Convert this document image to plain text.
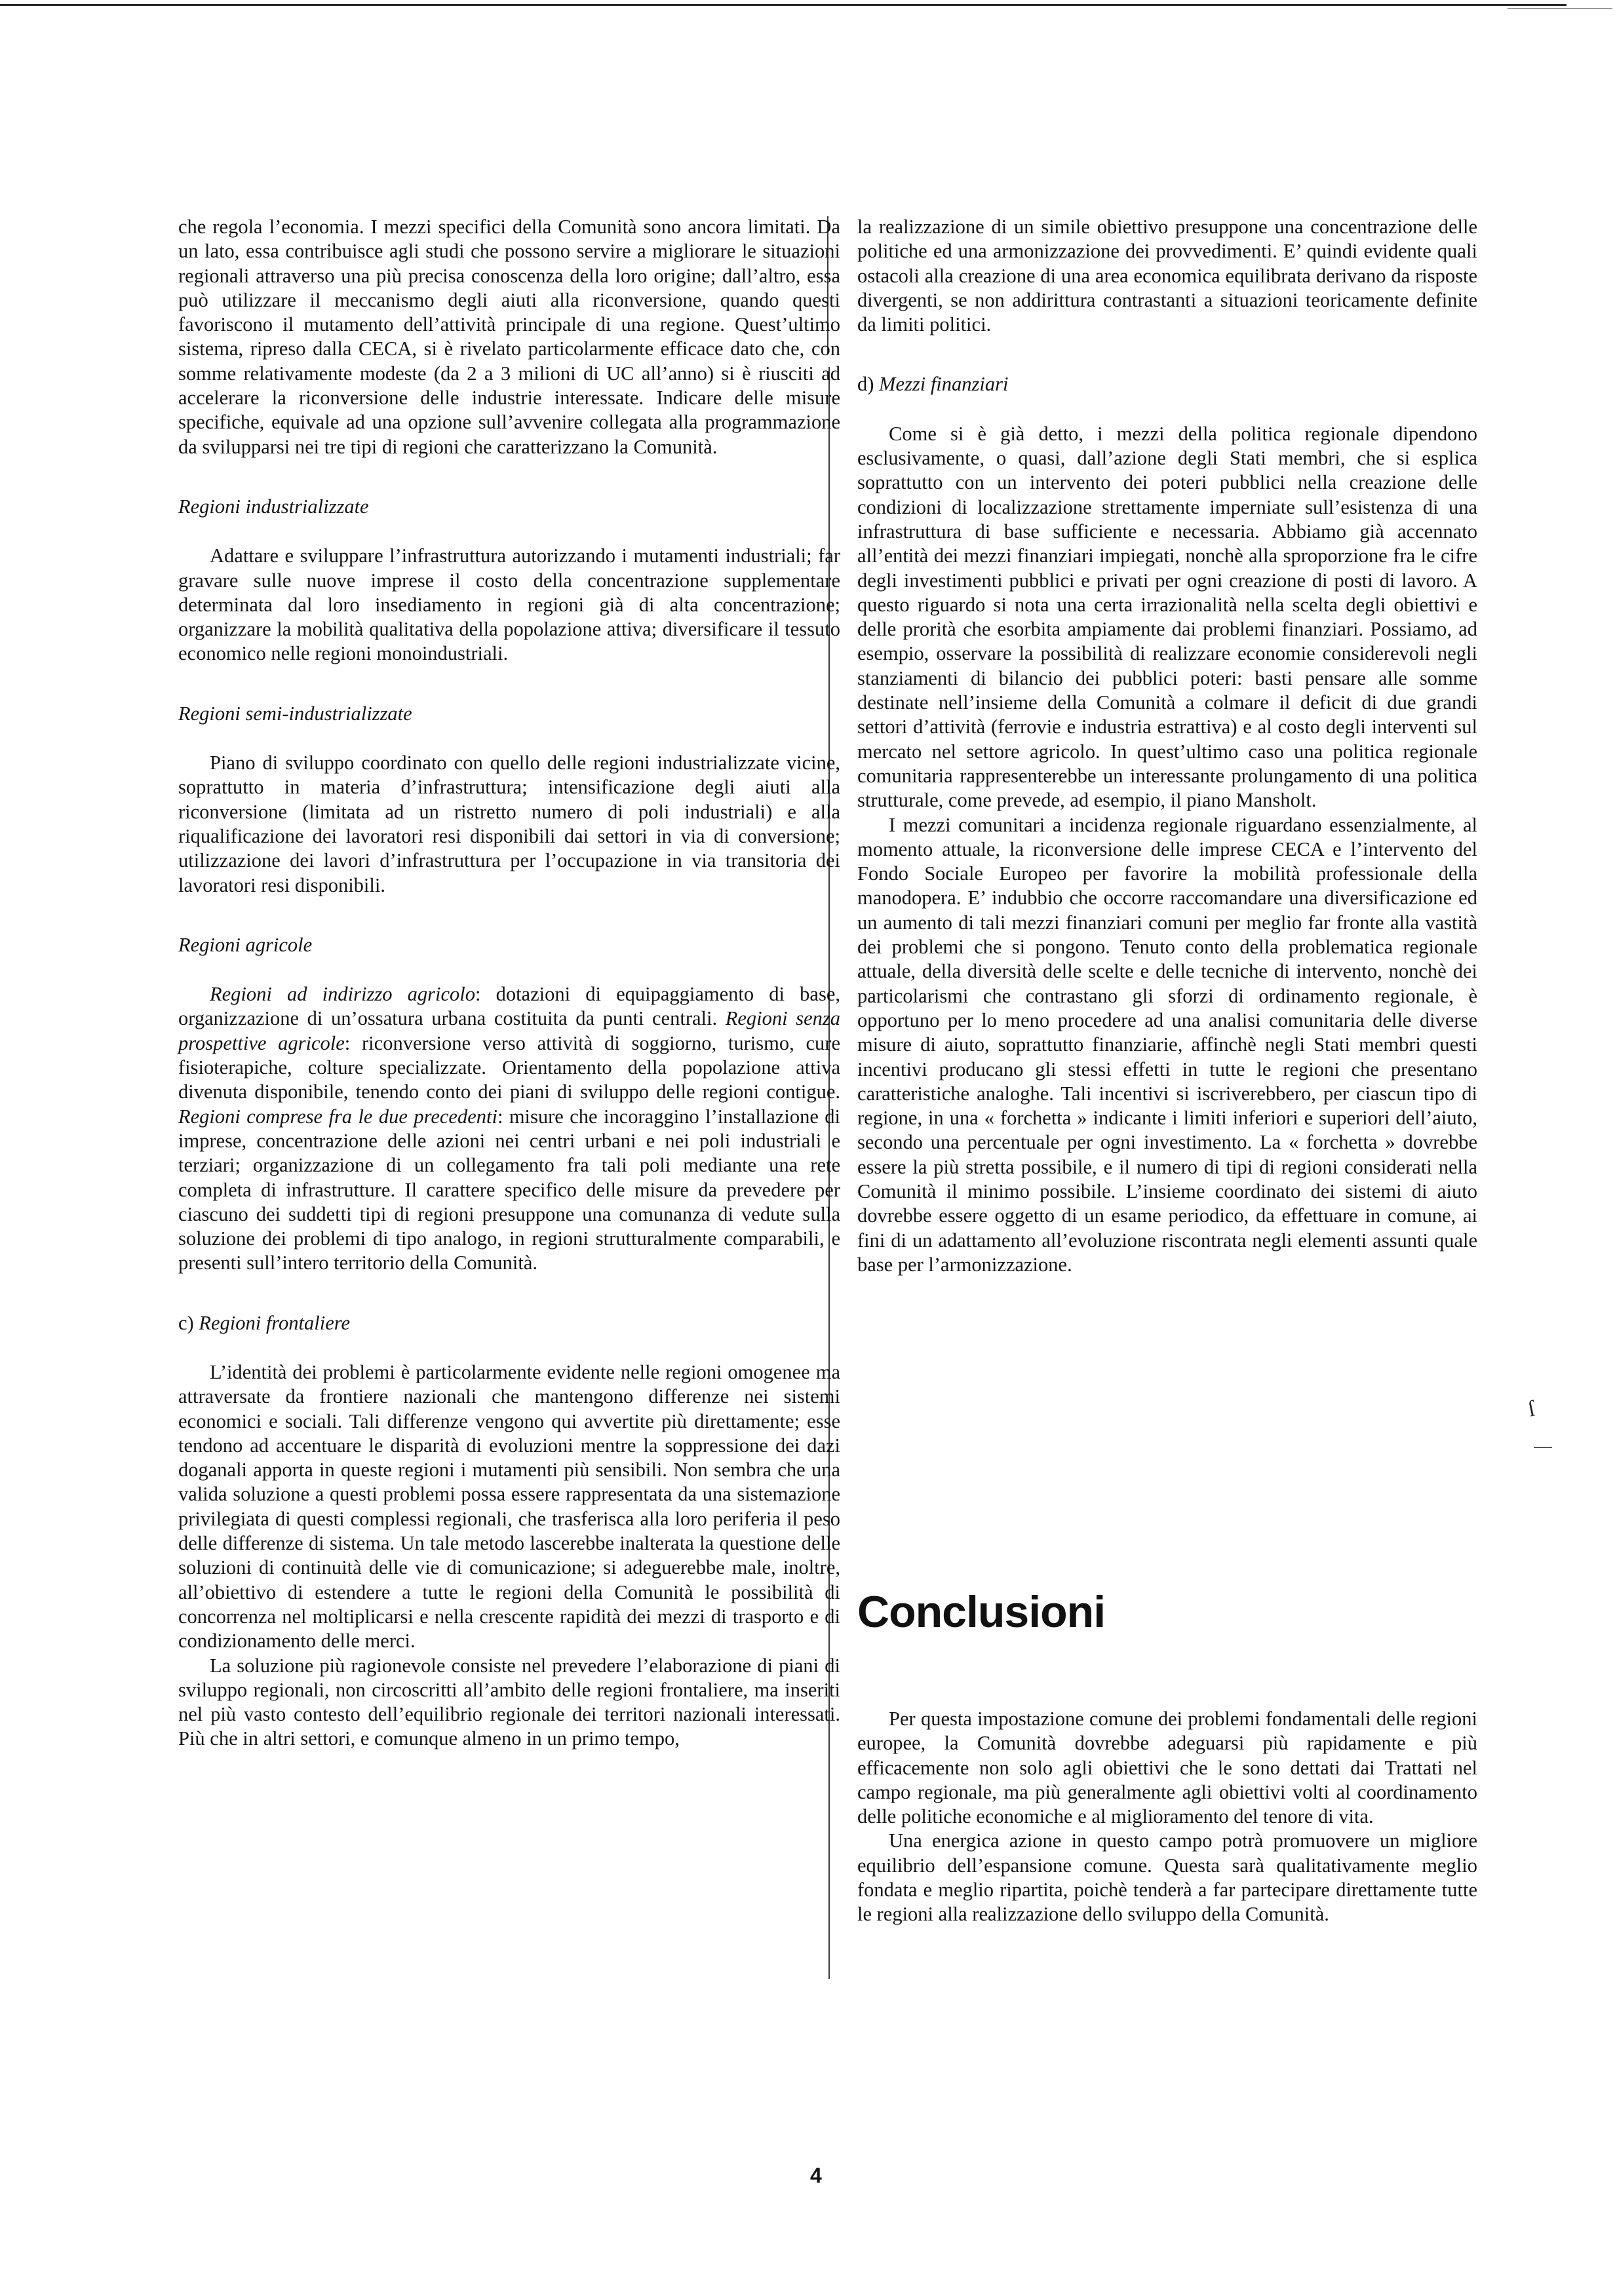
che regola l’economia. I mezzi specifici della Comunità sono ancora limitati. Da un lato, essa contribuisce agli studi che possono servire a migliorare le situazioni regionali attraverso una più precisa conoscenza della loro origine; dall’altro, essa può utilizzare il meccanismo degli aiuti alla riconversione, quando questi favoriscono il mutamento dell’attività principale di una regione. Quest’ultimo sistema, ripreso dalla CECA, si è rivelato particolarmente efficace dato che, con somme relativamente modeste (da 2 a 3 milioni di UC all’anno) si è riusciti ad accelerare la riconversione delle industrie interessate. Indicare delle misure specifiche, equivale ad una opzione sull’avvenire collegata alla programmazione da svilupparsi nei tre tipi di regioni che caratterizzano la Comunità.

Regioni industrializzate

Adattare e sviluppare l’infrastruttura autorizzando i mutamenti industriali; far gravare sulle nuove imprese il costo della concentrazione supplementare determinata dal loro insediamento in regioni già di alta concentrazione; organizzare la mobilità qualitativa della popolazione attiva; diversificare il tessuto economico nelle regioni monoindustriali.

Regioni semi-industrializzate

Piano di sviluppo coordinato con quello delle regioni industrializzate vicine, soprattutto in materia d’infrastruttura; intensificazione degli aiuti alla riconversione (limitata ad un ristretto numero di poli industriali) e alla riqualificazione dei lavoratori resi disponibili dai settori in via di conversione; utilizzazione dei lavori d’infrastruttura per l’occupazione in via transitoria dei lavoratori resi disponibili.

Regioni agricole

Regioni ad indirizzo agricolo: dotazioni di equipaggiamento di base, organizzazione di un’ossatura urbana costituita da punti centrali. Regioni senza prospettive agricole: riconversione verso attività di soggiorno, turismo, cure fisioterapiche, colture specializzate. Orientamento della popolazione attiva divenuta disponibile, tenendo conto dei piani di sviluppo delle regioni contigue. Regioni comprese fra le due precedenti: misure che incoraggino l’installazione di imprese, concentrazione delle azioni nei centri urbani e nei poli industriali e terziari; organizzazione di un collegamento fra tali poli mediante una rete completa di infrastrutture. Il carattere specifico delle misure da prevedere per ciascuno dei suddetti tipi di regioni presuppone una comunanza di vedute sulla soluzione dei problemi di tipo analogo, in regioni strutturalmente comparabili, e presenti sull’intero territorio della Comunità.

c) Regioni frontaliere

L’identità dei problemi è particolarmente evidente nelle regioni omogenee ma attraversate da frontiere nazionali che mantengono differenze nei sistemi economici e sociali. Tali differenze vengono qui avvertite più direttamente; esse tendono ad accentuare le disparità di evoluzioni mentre la soppressione dei dazi doganali apporta in queste regioni i mutamenti più sensibili. Non sembra che una valida soluzione a questi problemi possa essere rappresentata da una sistemazione privilegiata di questi complessi regionali, che trasferisca alla loro periferia il peso delle differenze di sistema. Un tale metodo lascerebbe inalterata la questione delle soluzioni di continuità delle vie di comunicazione; si adeguerebbe male, inoltre, all’obiettivo di estendere a tutte le regioni della Comunità le possibilità di concorrenza nel moltiplicarsi e nella crescente rapidità dei mezzi di trasporto e di condizionamento delle merci.

La soluzione più ragionevole consiste nel prevedere l’elaborazione di piani di sviluppo regionali, non circoscritti all’ambito delle regioni frontaliere, ma inseriti nel più vasto contesto dell’equilibrio regionale dei territori nazionali interessati. Più che in altri settori, e comunque almeno in un primo tempo,

la realizzazione di un simile obiettivo presuppone una concentrazione delle politiche ed una armonizzazione dei provvedimenti. E’ quindi evidente quali ostacoli alla creazione di una area economica equilibrata derivano da risposte divergenti, se non addirittura contrastanti a situazioni teoricamente definite da limiti politici.

d) Mezzi finanziari

Come si è già detto, i mezzi della politica regionale dipendono esclusivamente, o quasi, dall’azione degli Stati membri, che si esplica soprattutto con un intervento dei poteri pubblici nella creazione delle condizioni di localizzazione strettamente imperniate sull’esistenza di una infrastruttura di base sufficiente e necessaria. Abbiamo già accennato all’entità dei mezzi finanziari impiegati, nonchè alla sproporzione fra le cifre degli investimenti pubblici e privati per ogni creazione di posti di lavoro. A questo riguardo si nota una certa irrazionalità nella scelta degli obiettivi e delle prorità che esorbita ampiamente dai problemi finanziari. Possiamo, ad esempio, osservare la possibilità di realizzare economie considerevoli negli stanziamenti di bilancio dei pubblici poteri: basti pensare alle somme destinate nell’insieme della Comunità a colmare il deficit di due grandi settori d’attività (ferrovie e industria estrattiva) e al costo degli interventi sul mercato nel settore agricolo. In quest’ultimo caso una politica regionale comunitaria rappresenterebbe un interessante prolungamento di una politica strutturale, come prevede, ad esempio, il piano Mansholt.

I mezzi comunitari a incidenza regionale riguardano essenzialmente, al momento attuale, la riconversione delle imprese CECA e l’intervento del Fondo Sociale Europeo per favorire la mobilità professionale della manodopera. E’ indubbio che occorre raccomandare una diversificazione ed un aumento di tali mezzi finanziari comuni per meglio far fronte alla vastità dei problemi che si pongono. Tenuto conto della problematica regionale attuale, della diversità delle scelte e delle tecniche di intervento, nonchè dei particolarismi che contrastano gli sforzi di ordinamento regionale, è opportuno per lo meno procedere ad una analisi comunitaria delle diverse misure di aiuto, soprattutto finanziarie, affinchè negli Stati membri questi incentivi producano gli stessi effetti in tutte le regioni che presentano caratteristiche analoghe. Tali incentivi si iscriverebbero, per ciascun tipo di regione, in una « forchetta » indicante i limiti inferiori e superiori dell’aiuto, secondo una percentuale per ogni investimento. La « forchetta » dovrebbe essere la più stretta possibile, e il numero di tipi di regioni considerati nella Comunità il minimo possibile. L’insieme coordinato dei sistemi di aiuto dovrebbe essere oggetto di un esame periodico, da effettuare in comune, ai fini di un adattamento all’evoluzione riscontrata negli elementi assunti quale base per l’armonizzazione.

Conclusioni

Per questa impostazione comune dei problemi fondamentali delle regioni europee, la Comunità dovrebbe adeguarsi più rapidamente e più efficacemente non solo agli obiettivi che le sono dettati dai Trattati nel campo regionale, ma più generalmente agli obiettivi volti al coordinamento delle politiche economiche e al miglioramento del tenore di vita.

Una energica azione in questo campo potrà promuovere un migliore equilibrio dell’espansione comune. Questa sarà qualitativamente meglio fondata e meglio ripartita, poichè tenderà a far partecipare direttamente tutte le regioni alla realizzazione dello sviluppo della Comunità.

ſ
4
